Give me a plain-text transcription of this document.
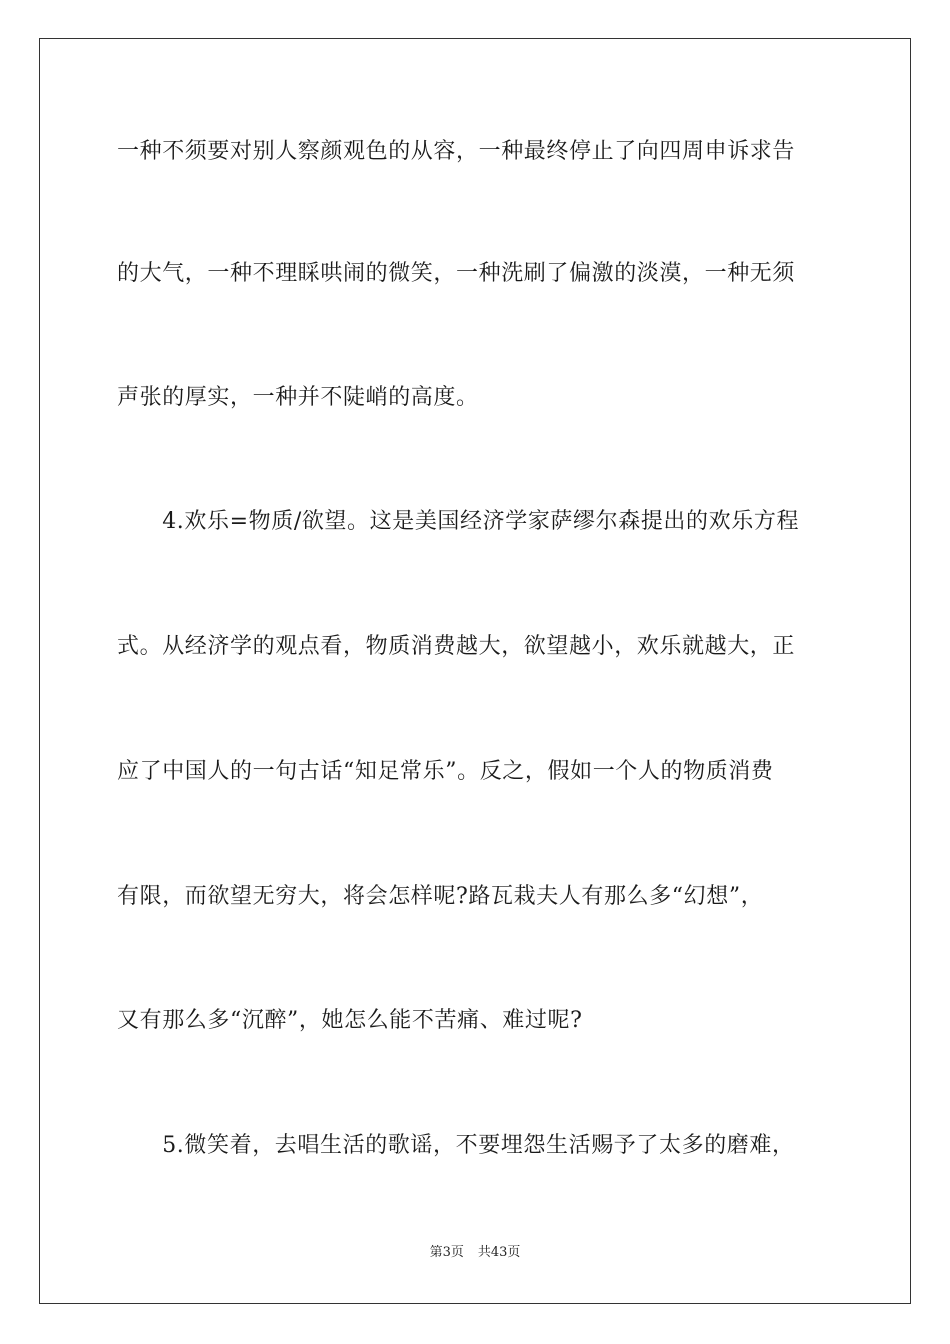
一种不须要对别人察颜观色的从容，一种最终停止了向四周申诉求告
的大气，一种不理睬哄闹的微笑，一种洗刷了偏激的淡漠，一种无须
声张的厚实，一种并不陡峭的高度。
　　4.欢乐=物质/欲望。这是美国经济学家萨缪尔森提出的欢乐方程
式。从经济学的观点看，物质消费越大，欲望越小，欢乐就越大，正
应了中国人的一句古话“知足常乐”。反之，假如一个人的物质消费
有限，而欲望无穷大，将会怎样呢?路瓦栽夫人有那么多“幻想”，
又有那么多“沉醉”，她怎么能不苦痛、难过呢?
　　5.微笑着，去唱生活的歌谣，不要埋怨生活赐予了太多的磨难，
第3页 共43页
